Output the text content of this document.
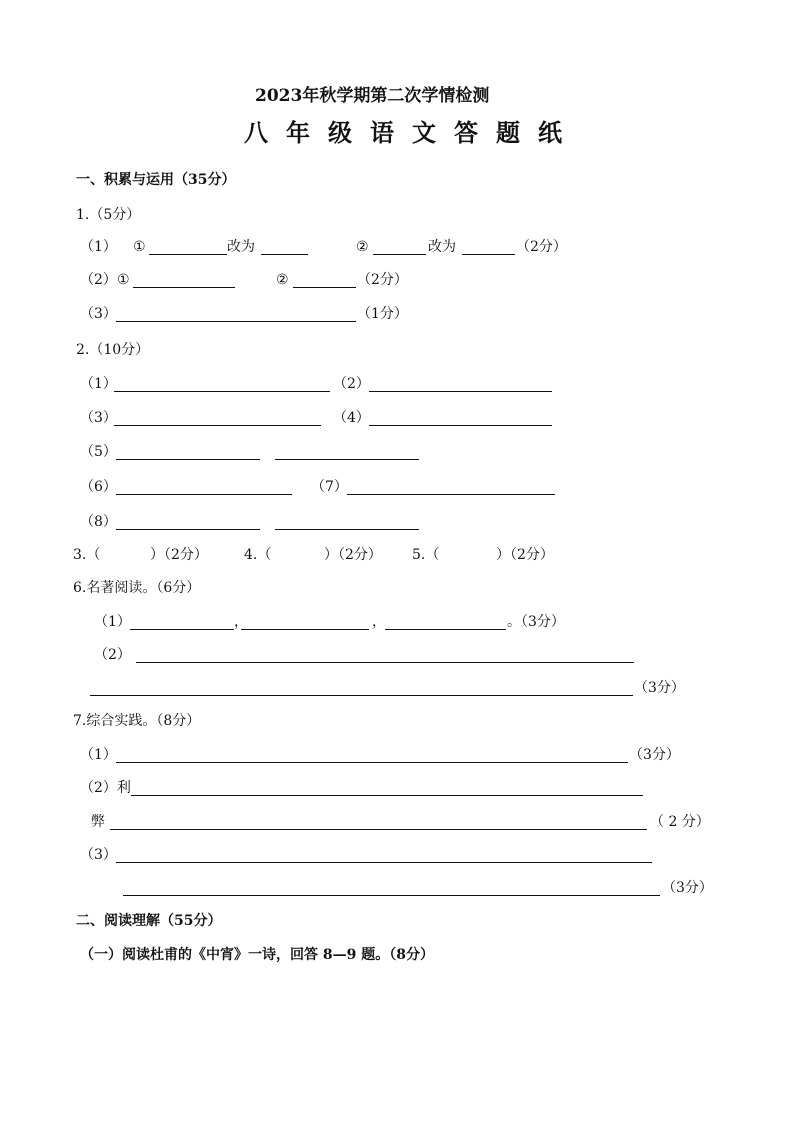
2023年秋学期第二次学情检测
八年级语文答题纸
一、积累与运用（35分）
1.（5分）
（1） ①	改为	②	改为	（2分）
（2） ①	②	（2分）
（3）	（1分）
2.（10分）
（1）	（2）
（3）	（4）
（5）
（6）	（7）
（8）
3.（	）（2分）	4.（	）（2分） 5.（	）（2分）
6.名著阅读。（6分）
（1）	，	，	。（3分）
（2）
（3分）
7.综合实践。（8分）
（1）	（3分）
（2）利
弊	（ 2 分）
（3）
（3分）
二、阅读理解（55分）
（一）阅读杜甫的《中宵》一诗，回答 8—9 题。（8分）
